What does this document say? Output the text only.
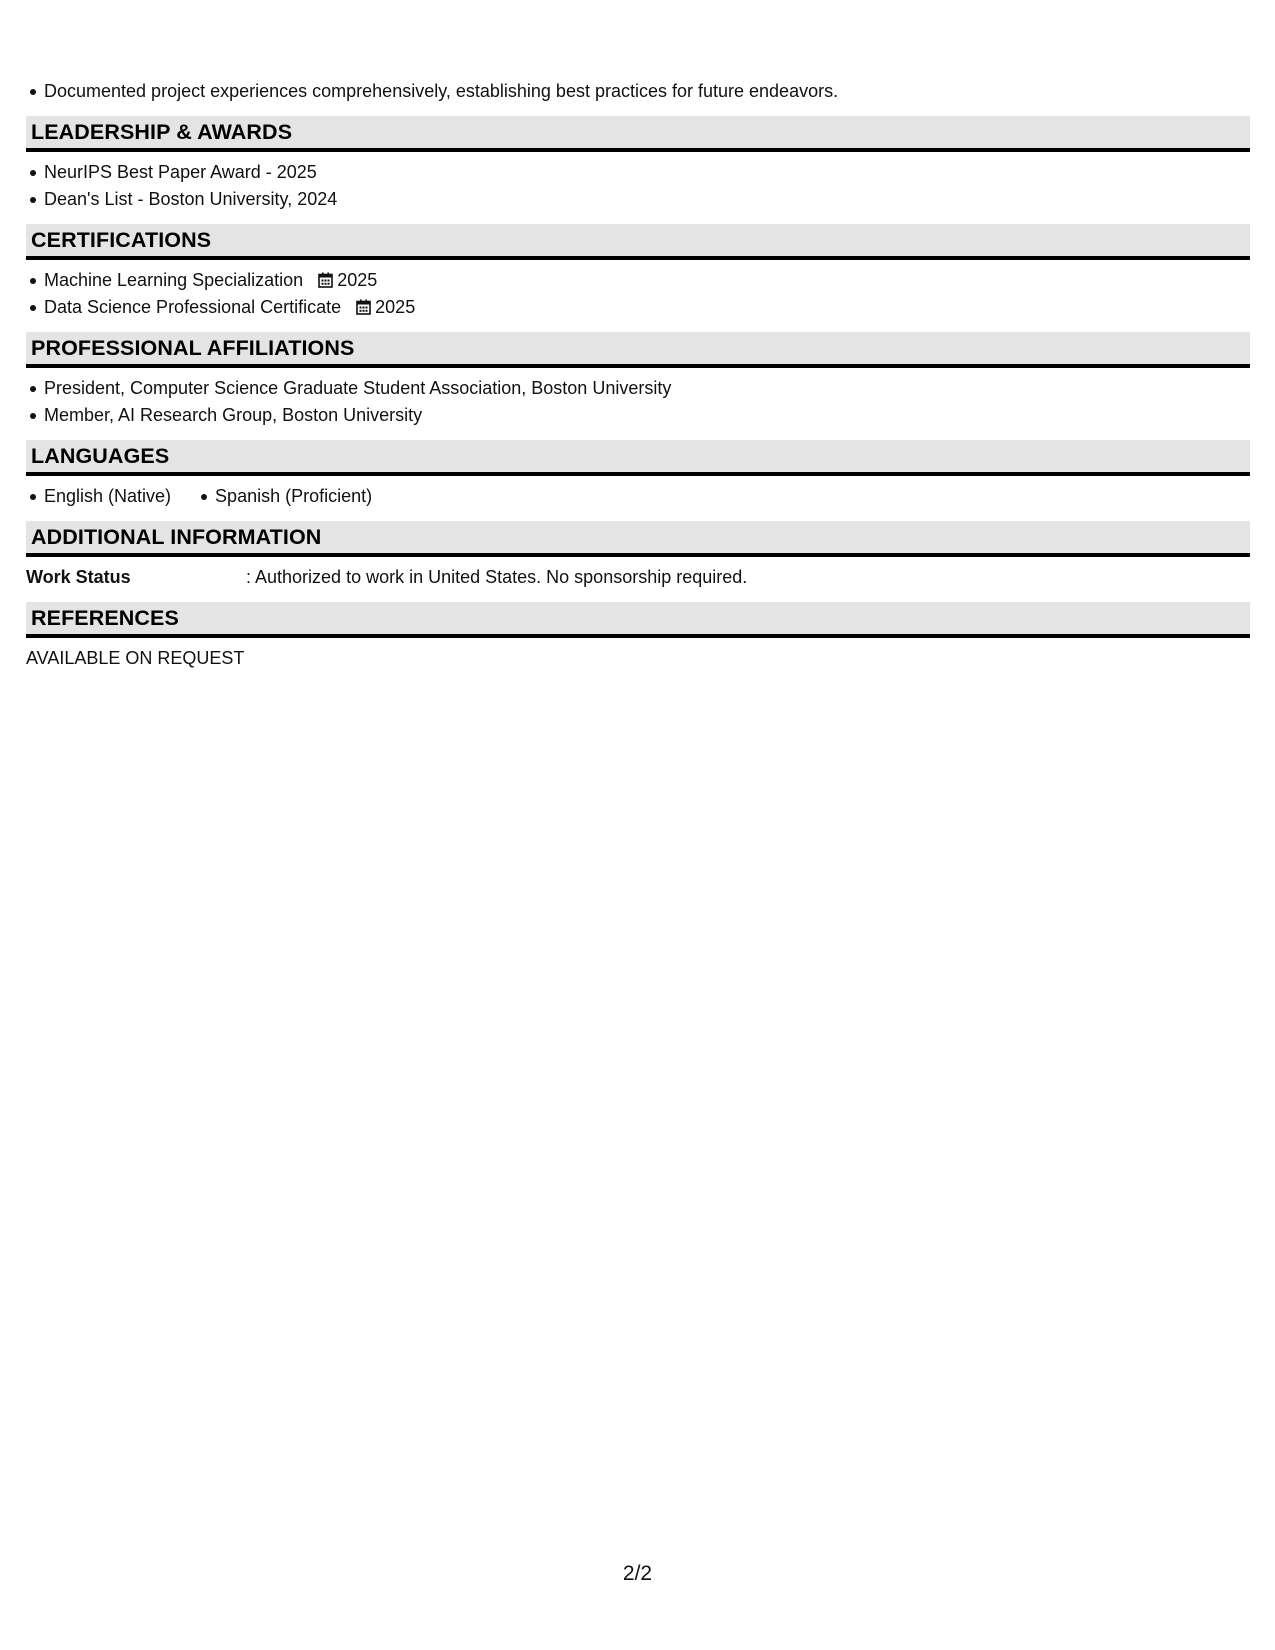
Documented project experiences comprehensively, establishing best practices for future endeavors.
LEADERSHIP & AWARDS
NeurIPS Best Paper Award - 2025
Dean's List - Boston University, 2024
CERTIFICATIONS
Machine Learning Specialization 2025
Data Science Professional Certificate 2025
PROFESSIONAL AFFILIATIONS
President, Computer Science Graduate Student Association, Boston University
Member, AI Research Group, Boston University
LANGUAGES
English (Native) Spanish (Proficient)
ADDITIONAL INFORMATION
Work Status	: Authorized to work in United States. No sponsorship required.
REFERENCES
AVAILABLE ON REQUEST
2/2
